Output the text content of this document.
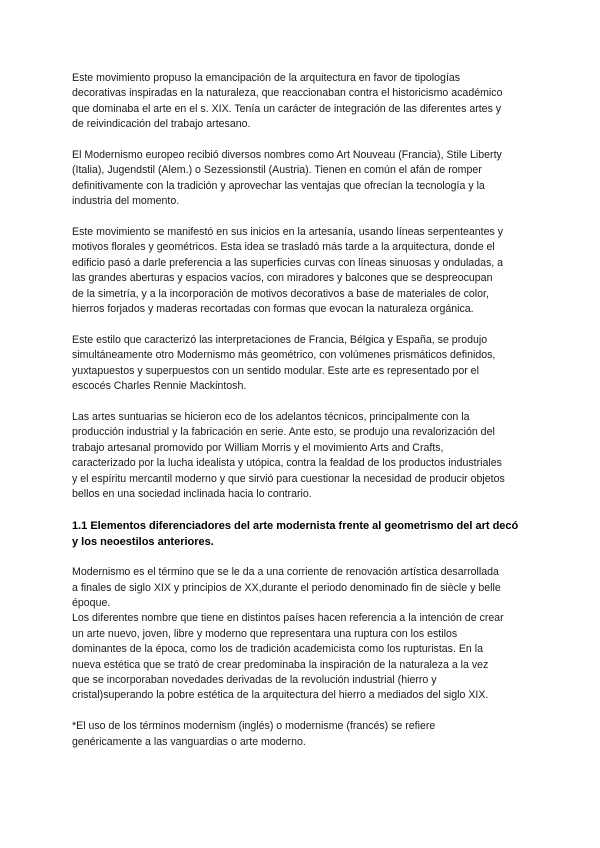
Este movimiento propuso la emancipación de la arquitectura en favor de tipologías
decorativas inspiradas en la naturaleza, que reaccionaban contra el historicismo académico
que dominaba el arte en el s. XIX. Tenía un carácter de integración de las diferentes artes y
de reivindicación del trabajo artesano.

El Modernismo europeo recibió diversos nombres como Art Nouveau (Francia), Stile Liberty
(Italia), Jugendstil (Alem.) o Sezessionstil (Austria). Tienen en común el afán de romper
definitivamente con la tradición y aprovechar las ventajas que ofrecían la tecnología y la
industria del momento.

Este movimiento se manifestó en sus inicios en la artesanía, usando líneas serpenteantes y
motivos florales y geométricos. Esta idea se trasladó más tarde a la arquitectura, donde el
edificio pasó a darle preferencia a las superficies curvas con líneas sinuosas y onduladas, a
las grandes aberturas y espacios vacíos, con miradores y balcones que se despreocupan
de la simetría, y a la incorporación de motivos decorativos a base de materiales de color,
hierros forjados y maderas recortadas con formas que evocan la naturaleza orgánica.

Este estilo que caracterizó las interpretaciones de Francia, Bélgica y España, se produjo
simultáneamente otro Modernismo más geométrico, con volúmenes prismáticos definidos,
yuxtapuestos y superpuestos con un sentido modular. Este arte es representado por el
escocés Charles Rennie Mackintosh.

Las artes suntuarias se hicieron eco de los adelantos técnicos, principalmente con la
producción industrial y la fabricación en serie. Ante esto, se produjo una revalorización del
trabajo artesanal promovido por William Morris y el movimiento Arts and Crafts,
caracterizado por la lucha idealista y utópica, contra la fealdad de los productos industriales
y el espíritu mercantil moderno y que sirvió para cuestionar la necesidad de producir objetos
bellos en una sociedad inclinada hacia lo contrario.

1.1 Elementos diferenciadores del arte modernista frente al geometrismo del art decó
y los neoestilos anteriores.

Modernismo es el término que se le da a una corriente de renovación artística desarrollada
a finales de siglo XIX y principios de XX,durante el periodo denominado fin de siècle y belle
époque.

Los diferentes nombre que tiene en distintos países hacen referencia a la intención de crear
un arte nuevo, joven, libre y moderno que representara una ruptura con los estilos
dominantes de la época, como los de tradición academicista como los rupturistas. En la
nueva estética que se trató de crear predominaba la inspiración de la naturaleza a la vez
que se incorporaban novedades derivadas de la revolución industrial (hierro y
cristal)superando la pobre estética de la arquitectura del hierro a mediados del siglo XIX.

*El uso de los términos modernism (inglés) o modernisme (francés) se refiere
genéricamente a las vanguardias o arte moderno.
